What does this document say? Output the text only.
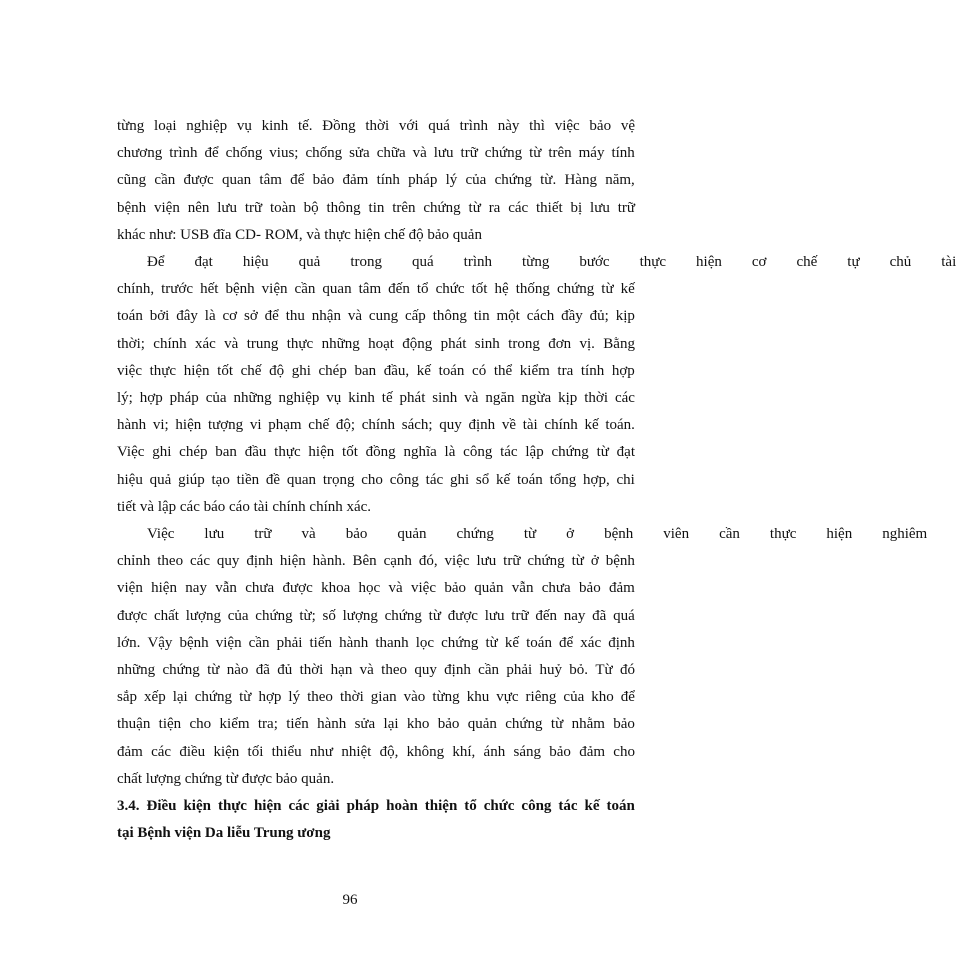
từng loại nghiệp vụ kinh tế. Đồng thời với quá trình này thì việc bảo vệ
chương trình để chống vius; chống sửa chữa và lưu trữ chứng từ trên máy tính
cũng cần được quan tâm để bảo đảm tính pháp lý của chứng từ. Hàng năm,
bệnh viện nên lưu trữ toàn bộ thông tin trên chứng từ ra các thiết bị lưu trữ
khác như: USB đĩa CD- ROM, và thực hiện chế độ bảo quản
Để	đạt	hiệu	quả	trong	quá	trình	từng	bước	thực	hiện	cơ	chế	tự	chủ	tài
chính, trước hết bệnh viện cần quan tâm đến tổ chức tốt hệ thống chứng từ kế
toán bởi đây là cơ sở để thu nhận và cung cấp thông tin một cách đầy đủ; kịp
thời; chính xác và trung thực những hoạt động phát sinh trong đơn vị. Bằng
việc thực hiện tốt chế độ ghi chép ban đầu, kế toán có thể kiểm tra tính hợp
lý; hợp pháp của những nghiệp vụ kinh tế phát sinh và ngăn ngừa kịp thời các
hành vi; hiện tượng vi phạm chế độ; chính sách; quy định về tài chính kế toán.
Việc ghi chép ban đầu thực hiện tốt đồng nghĩa là công tác lập chứng từ đạt
hiệu quả giúp tạo tiền đề quan trọng cho công tác ghi sổ kế toán tổng hợp, chi
tiết và lập các báo cáo tài chính chính xác.
Việc	lưu	trữ	và	bảo	quản	chứng	từ	ở	bệnh	viên	cần	thực	hiện	nghiêm
chỉnh theo các quy định hiện hành. Bên cạnh đó, việc lưu trữ chứng từ ở bệnh
viện hiện nay vẫn chưa được khoa học và việc bảo quản vẫn chưa bảo đảm
được chất lượng của chứng từ; số lượng chứng từ được lưu trữ đến nay đã quá
lớn. Vậy bệnh viện cần phải tiến hành thanh lọc chứng từ kế toán để xác định
những chứng từ nào đã đủ thời hạn và theo quy định cần phải huỷ bỏ. Từ đó
sắp xếp lại chứng từ hợp lý theo thời gian vào từng khu vực riêng của kho để
thuận tiện cho kiểm tra; tiến hành sửa lại kho bảo quản chứng từ nhằm bảo
đảm các điều kiện tối thiểu như nhiệt độ, không khí, ánh sáng bảo đảm cho
chất lượng chứng từ được bảo quản.
3.4. Điều kiện thực hiện các giải pháp hoàn thiện tổ chức công tác kế toán
tại Bệnh viện Da liễu Trung ương
96
